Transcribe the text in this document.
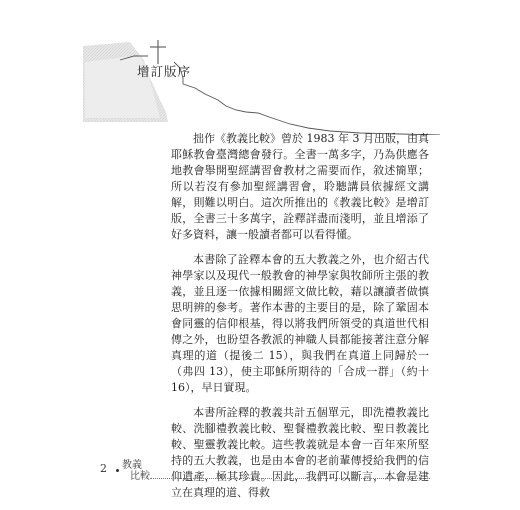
增訂版序

拙作《教義比較》曾於 1983 年 3 月出版，由真耶穌教會臺灣總會發行。全書一萬多字，乃為供應各地教會舉開聖經講習會教材之需要而作，敘述簡單；所以若沒有參加聖經講習會，聆聽講員依據經文講解，則難以明白。這次所推出的《教義比較》是增訂版，全書三十多萬字，詮釋詳盡而淺明，並且增添了好多資料，讓一般讀者都可以看得懂。

本書除了詮釋本會的五大教義之外，也介紹古代神學家以及現代一般教會的神學家與牧師所主張的教義，並且逐一依據相關經文做比較，藉以讓讀者做慎思明辨的參考。著作本書的主要目的是，除了鞏固本會同靈的信仰根基，得以將我們所領受的真道世代相傳之外，也盼望各教派的神職人員都能接著注意分解真理的道（提後二 15），與我們在真道上同歸於一（弗四 13），使主耶穌所期待的「合成一群」（約十 16），早日實現。

本書所詮釋的教義共計五個單元，即洗禮教義比較、洗腳禮教義比較、聖餐禮教義比較、聖日教義比較、聖靈教義比較。這些教義就是本會一百年來所堅持的五大教義，也是由本會的老前輩傳授給我們的信仰遺產，極其珍貴。因此，我們可以斷言，本會是建立在真理的道、得救

2 教義
比較
